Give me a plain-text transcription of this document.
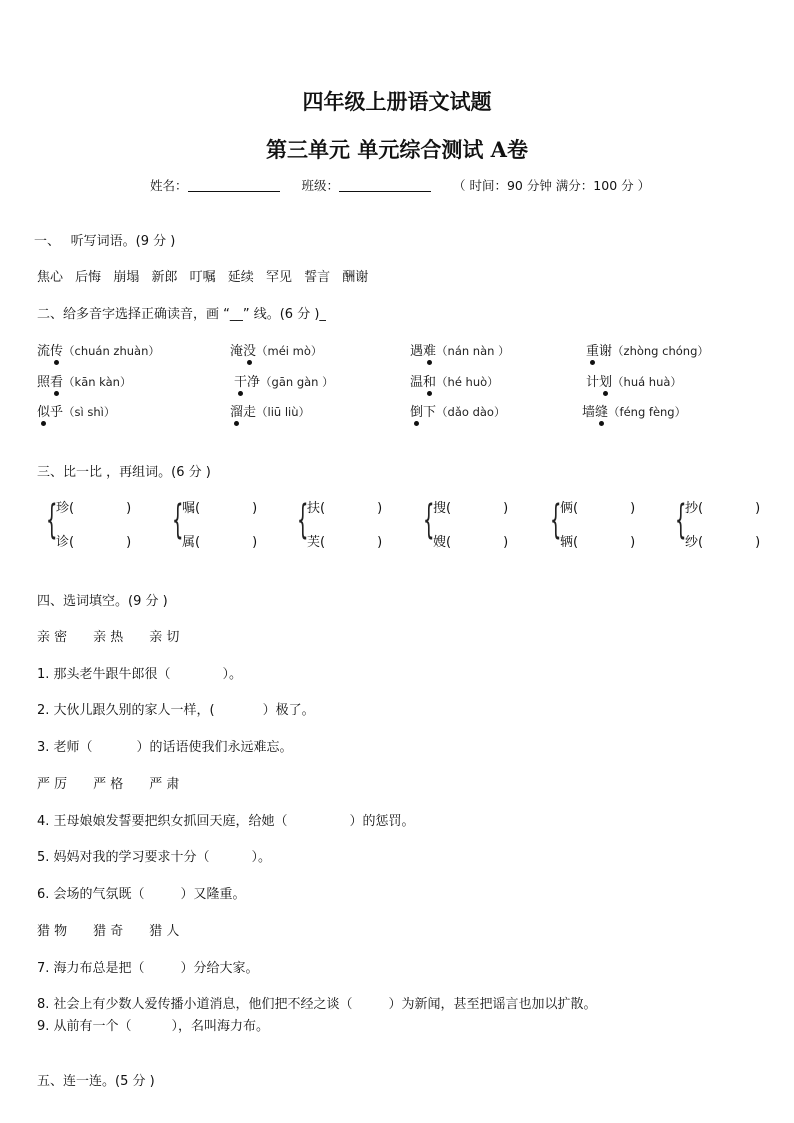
四年级上册语文试题
第三单元 单元综合测试 A卷
姓名：	班级：	（ 时间：90 分钟 满分：100 分 ）
一、　 听写词语。(9 分 )
焦心 后悔 崩塌 新郎 叮嘱 延续 罕见 誓言 酬谢
二、给多音字选择正确读音，画 “__” 线。(6 分 )_
流传（chuán zhuàn）	淹没（méi mò）	遇难（nán nàn ）	重谢（zhòng chóng）
照看（kān kàn）	干净（gān gàn ）	温和（hé huò）	计划（huá huà）
似乎（sì shì）	溜走（liū liù）	倒下（dǎo dào）	墙缝（féng fèng）
三、比一比 ，再组词。(6 分 )
{
珍(	)
诊(	) {
嘱(	)
属(	) {
扶(	)
芙(	) {
搜(	)
嫂(	) {
俩(	)
辆(	) {
抄(	)
纱(	)
四、选词填空。(9 分 )
亲 密　　亲 热　　亲 切
1. 那头老牛跟牛郎很（	）。
2. 大伙儿跟久别的家人一样，(	）极了。
3. 老师（	）的话语使我们永远难忘。
严 厉　　严 格　　严 肃
4. 王母娘娘发誓要把织女抓回天庭，给她（	）的惩罚。
5. 妈妈对我的学习要求十分（	）。
6. 会场的气氛既（	）又隆重。
猎 物　　猎 奇　　猎 人
7. 海力布总是把（	）分给大家。
8. 社会上有少数人爱传播小道消息，他们把不经之谈（	）为新闻，甚至把谣言也加以扩散。
9. 从前有一个（	），名叫海力布。
五、连一连。(5 分 )
